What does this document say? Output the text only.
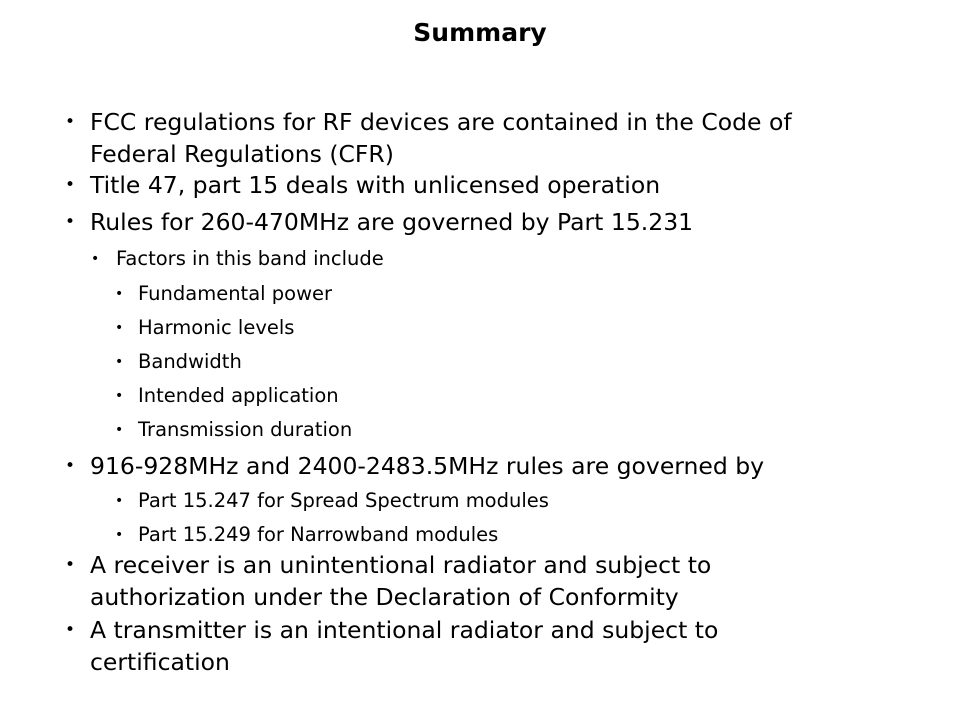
Summary
• FCC regulations for RF devices are contained in the Code of
Federal Regulations (CFR)
• Title 47, part 15 deals with unlicensed operation
• Rules for 260-470MHz are governed by Part 15.231
• Factors in this band include
• Fundamental power
• Harmonic levels
• Bandwidth
• Intended application
• Transmission duration
• 916-928MHz and 2400-2483.5MHz rules are governed by
• Part 15.247 for Spread Spectrum modules
• Part 15.249 for Narrowband modules
• A receiver is an unintentional radiator and subject to
authorization under the Declaration of Conformity
• A transmitter is an intentional radiator and subject to
certification
